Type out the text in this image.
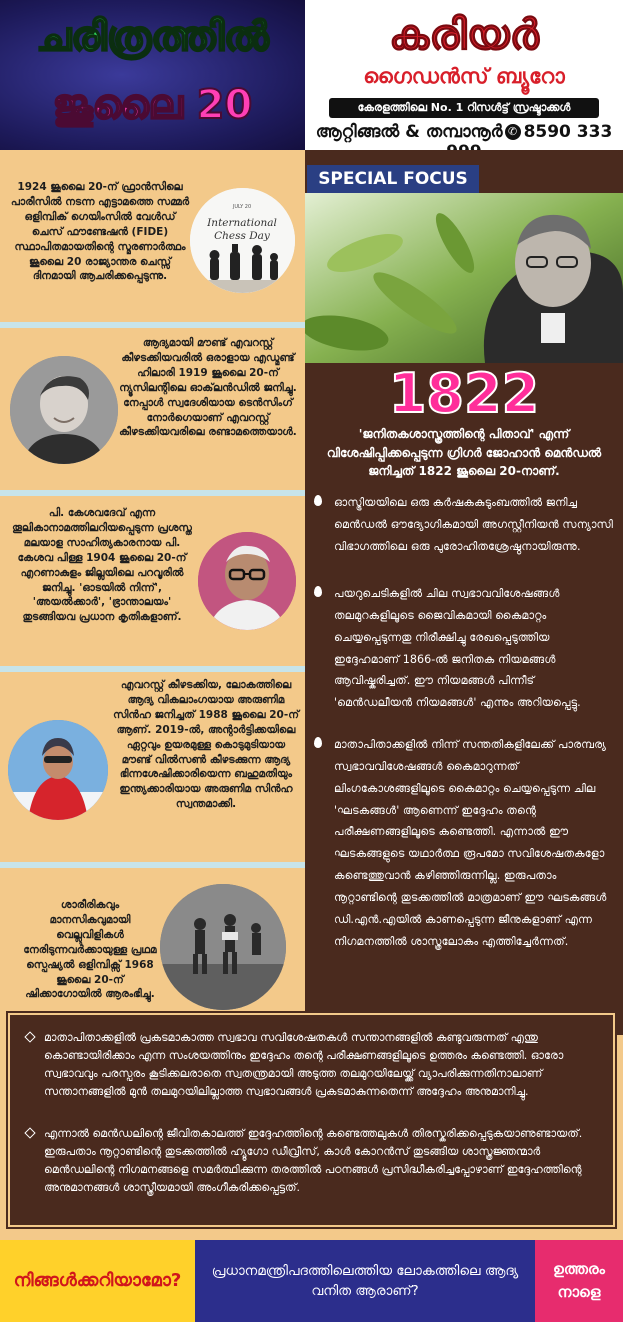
ചരിത്രത്തിൽ
ജൂലൈ 20
കരിയർ
ഗൈഡൻസ് ബ്യൂറോ
കേരളത്തിലെ No. 1 റിസൾട്ട് സ്രഷ്ടാക്കൾ
ആറ്റിങ്ങൽ & തമ്പാനൂർ ✆ 8590 333
1924 ജൂലൈ 20-ന് ഫ്രാൻസിലെ പാരീസിൽ നടന്ന എട്ടാമത്തെ സമ്മർ ഒളിമ്പിക് ഗെയിംസിൽ വേൾഡ് ചെസ് ഫൗണ്ടേഷൻ (FIDE) സ്ഥാപിതമായതിന്റെ സ്മരണാർത്ഥം ജൂലൈ 20 രാജ്യാന്തര ചെസ്സ് ദിനമായി ആചരിക്കപ്പെടുന്നു.
JULY 20
International
Chess Day
ആദ്യമായി മൗണ്ട് എവറസ്റ്റ് കീഴടക്കിയവരിൽ ഒരാളായ എഡ്മണ്ട് ഹിലാരി 1919 ജൂലൈ 20-ന് ന്യൂസിലന്റിലെ ഓക്‌ലൻഡിൽ ജനിച്ചു. നേപ്പാൾ സ്വദേശിയായ ടെൻസിംഗ് നോർഗെയാണ് എവറസ്റ്റ് കീഴടക്കിയവരിലെ രണ്ടാമത്തെയാൾ.
പി. കേശവദേവ് എന്ന തൂലികാനാമത്തിലറിയപ്പെടുന്ന പ്രശസ്ത മലയാള സാഹിത്യകാരനായ പി. കേശവ പിള്ള 1904 ജൂലൈ 20-ന് എറണാകുളം ജില്ലയിലെ പറവൂരിൽ ജനിച്ചു. 'ഓടയിൽ നിന്ന്', 'അയൽക്കാർ', 'ഭ്രാന്താലയം' തുടങ്ങിയവ പ്രധാന കൃതികളാണ്.
എവറസ്റ്റ് കീഴടക്കിയ, ലോകത്തിലെ ആദ്യ വികലാംഗയായ അരുണിമ സിൻഹ ജനിച്ചത് 1988 ജൂലൈ 20-ന് ആണ്. 2019-ൽ, അന്റാർട്ടിക്കയിലെ ഏറ്റവും ഉയരമുള്ള കൊടുമുടിയായ മൗണ്ട് വിൽസൺ കീഴടക്കുന്ന ആദ്യ ഭിന്നശേഷിക്കാരിയെന്ന ബഹുമതിയും ഇന്ത്യക്കാരിയായ അരുണിമ സിൻഹ സ്വന്തമാക്കി.
ശാരീരികവും മാനസികവുമായി വെല്ലുവിളികൾ നേരിടുന്നവർക്കായുള്ള പ്രഥമ സ്പെഷ്യൽ ഒളിമ്പിക്സ് 1968 ജൂലൈ 20-ന് ഷിക്കാഗോയിൽ ആരംഭിച്ചു.
SPECIAL FOCUS
1822
'ജനിതകശാസ്ത്രത്തിന്റെ പിതാവ്' എന്ന് വിശേഷിപ്പിക്കപ്പെടുന്ന ഗ്രിഗർ ജോഹാൻ മെൻഡൽ ജനിച്ചത് 1822 ജൂലൈ 20-നാണ്.
ഓസ്ട്രിയയിലെ ഒരു കർഷകകുടുംബത്തിൽ ജനിച്ച മെൻഡൽ ഔദ്യോഗികമായി അഗസ്റ്റീനിയൻ സന്യാസി വിഭാഗത്തിലെ ഒരു പുരോഹിതശ്രേഷ്ഠനായിരുന്നു.
പയറുചെടികളിൽ ചില സ്വഭാവവിശേഷങ്ങൾ തലമുറകളിലൂടെ ജൈവികമായി കൈമാറ്റം ചെയ്യപ്പെടുന്നതു നിരീക്ഷിച്ചു രേഖപ്പെടുത്തിയ ഇദ്ദേഹമാണ് 1866-ൽ ജനിതക നിയമങ്ങൾ ആവിഷ്കരിച്ചത്. ഈ നിയമങ്ങൾ പിന്നീട് 'മെൻഡലീയൻ നിയമങ്ങൾ' എന്നും അറിയപ്പെട്ടു.
മാതാപിതാക്കളിൽ നിന്ന് സന്തതികളിലേക്ക് പാരമ്പര്യ സ്വഭാവവിശേഷങ്ങൾ കൈമാറുന്നത് ലിംഗകോശങ്ങളിലൂടെ കൈമാറ്റം ചെയ്യപ്പെടുന്ന ചില 'ഘടകങ്ങൾ' ആണെന്ന് ഇദ്ദേഹം തന്റെ പരീക്ഷണങ്ങളിലൂടെ കണ്ടെത്തി. എന്നാൽ ഈ ഘടകങ്ങളുടെ യഥാർത്ഥ രൂപമോ സവിശേഷതകളോ കണ്ടെത്തുവാൻ കഴിഞ്ഞിരുന്നില്ല. ഇരുപതാം നൂറ്റാണ്ടിന്റെ തുടക്കത്തിൽ മാത്രമാണ് ഈ ഘടകങ്ങൾ ഡി.എൻ.എയിൽ കാണപ്പെടുന്ന ജീനുകളാണ് എന്ന നിഗമനത്തിൽ ശാസ്ത്രലോകം എത്തിച്ചേർന്നത്.
മാതാപിതാക്കളിൽ പ്രകടമാകാത്ത സ്വഭാവ സവിശേഷതകൾ സന്താനങ്ങളിൽ കണ്ടുവരുന്നത് എന്തു കൊണ്ടായിരിക്കാം എന്ന സംശയത്തിനും ഇദ്ദേഹം തന്റെ പരീക്ഷണങ്ങളിലൂടെ ഉത്തരം കണ്ടെത്തി. ഓരോ സ്വഭാവവും പരസ്പരം കൂടിക്കലരാതെ സ്വതന്ത്രമായി അടുത്ത തലമുറയിലേയ്ക്ക് വ്യാപരിക്കുന്നതിനാലാണ് സന്താനങ്ങളിൽ മുൻ തലമുറയിലില്ലാത്ത സ്വഭാവങ്ങൾ പ്രകടമാകുന്നതെന്ന് അദ്ദേഹം അനുമാനിച്ചു.
എന്നാൽ മെൻഡലിന്റെ ജീവിതകാലത്ത് ഇദ്ദേഹത്തിന്റെ കണ്ടെത്തലുകൾ തിരസ്കരിക്കപ്പെടുകയാണുണ്ടായത്. ഇരുപതാം നൂറ്റാണ്ടിന്റെ തുടക്കത്തിൽ ഹ്യൂഗോ ഡീവ്രീസ്, കാൾ കോറൻസ് തുടങ്ങിയ ശാസ്ത്രജ്ഞന്മാർ മെൻഡലിന്റെ നിഗമനങ്ങളെ സമർത്ഥിക്കുന്ന തരത്തിൽ പഠനങ്ങൾ പ്രസിദ്ധീകരിച്ചപ്പോഴാണ് ഇദ്ദേഹത്തിന്റെ അനുമാനങ്ങൾ ശാസ്ത്രീയമായി അംഗീകരിക്കപ്പെട്ടത്.
നിങ്ങൾക്കറിയാമോ?	പ്രധാനമന്ത്രിപദത്തിലെത്തിയ ലോകത്തിലെ ആദ്യ വനിത ആരാണ്?
ഉത്തരം
നാളെ
